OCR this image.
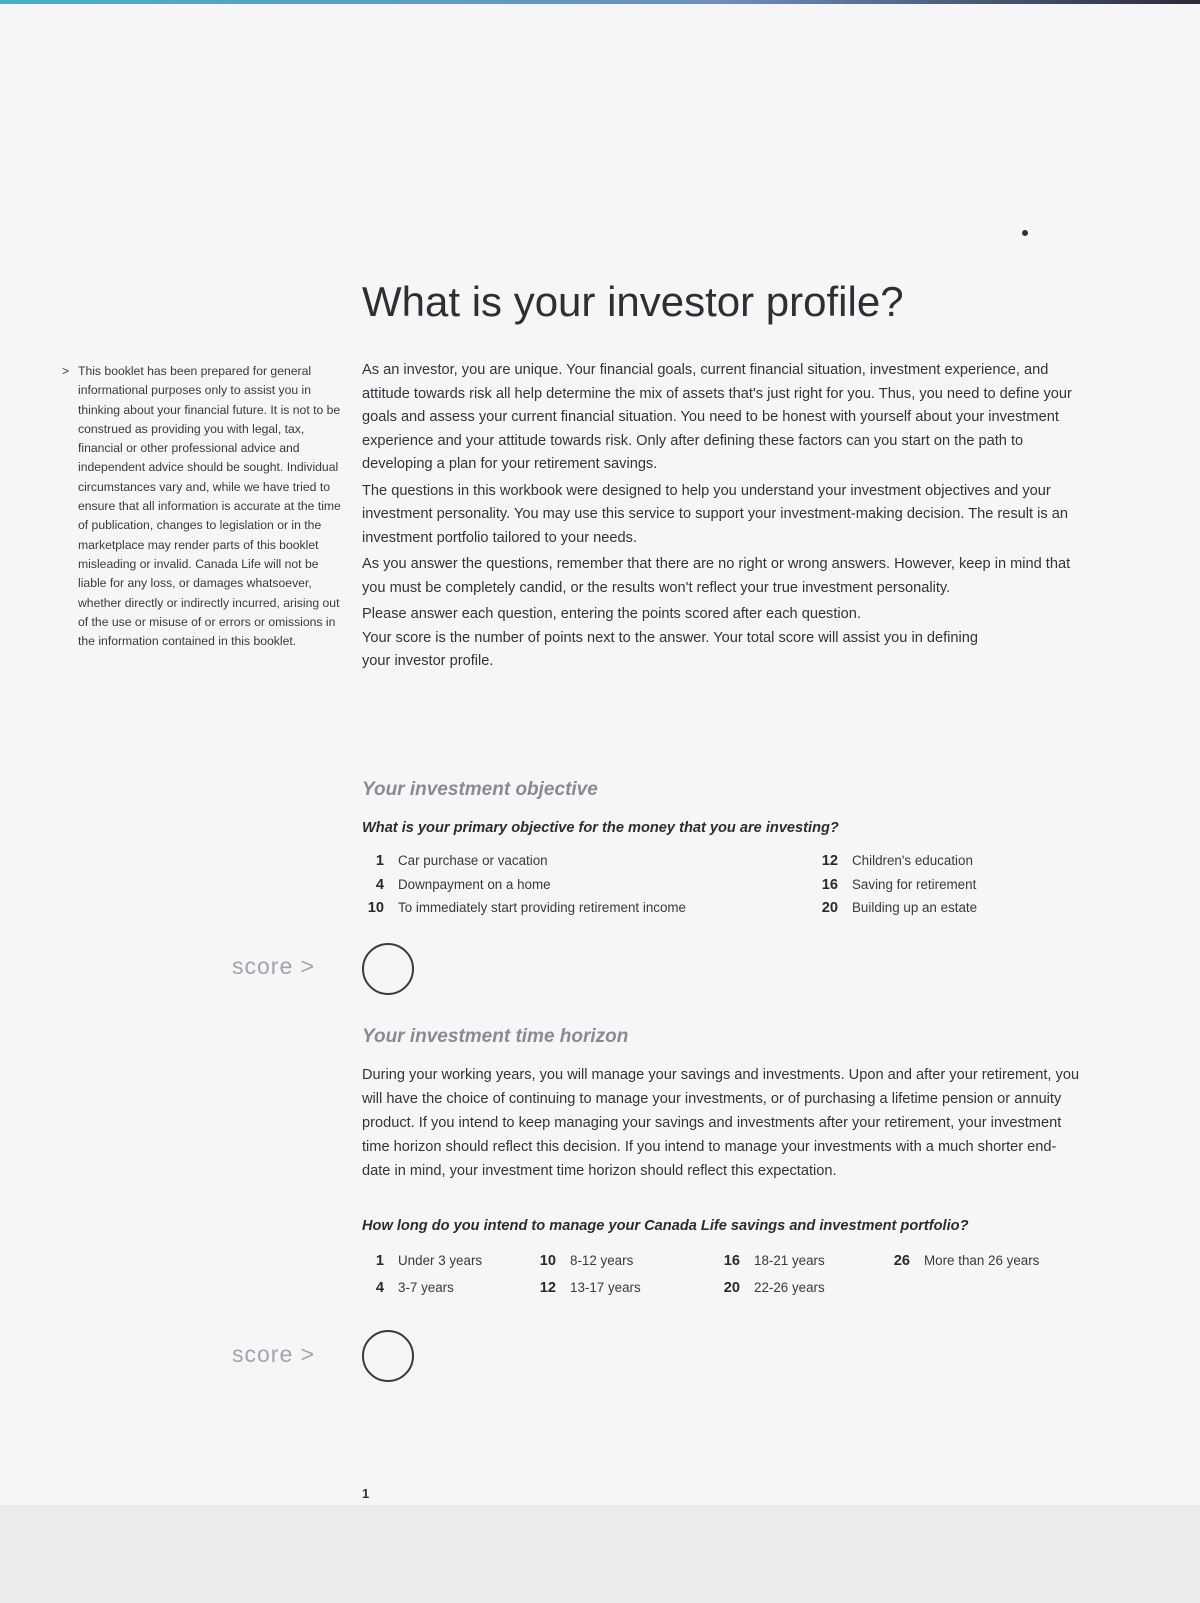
What is your investor profile?
> This booklet has been prepared for general informational purposes only to assist you in thinking about your financial future. It is not to be construed as providing you with legal, tax, financial or other professional advice and independent advice should be sought. Individual circumstances vary and, while we have tried to ensure that all information is accurate at the time of publication, changes to legislation or in the marketplace may render parts of this booklet misleading or invalid. Canada Life will not be liable for any loss, or damages whatsoever, whether directly or indirectly incurred, arising out of the use or misuse of or errors or omissions in the information contained in this booklet.

As an investor, you are unique. Your financial goals, current financial situation, investment experience, and attitude towards risk all help determine the mix of assets that's just right for you. Thus, you need to define your goals and assess your current financial situation. You need to be honest with yourself about your investment experience and your attitude towards risk. Only after defining these factors can you start on the path to developing a plan for your retirement savings.

The questions in this workbook were designed to help you understand your investment objectives and your investment personality. You may use this service to support your investment-making decision. The result is an investment portfolio tailored to your needs.

As you answer the questions, remember that there are no right or wrong answers. However, keep in mind that you must be completely candid, or the results won't reflect your true investment personality.

Please answer each question, entering the points scored after each question.

Your score is the number of points next to the answer. Your total score will assist you in defining your investor profile.

Your investment objective

What is your primary objective for the money that you are investing?

1 Car purchase or vacation
4 Downpayment on a home
10 To immediately start providing retirement income
12 Children's education
16 Saving for retirement
20 Building up an estate
score >
Your investment time horizon

During your working years, you will manage your savings and investments. Upon and after your retirement, you will have the choice of continuing to manage your investments, or of purchasing a lifetime pension or annuity product. If you intend to keep managing your savings and investments after your retirement, your investment time horizon should reflect this decision. If you intend to manage your investments with a much shorter end-date in mind, your investment time horizon should reflect this expectation.

How long do you intend to manage your Canada Life savings and investment portfolio?

1 Under 3 years
4 3-7 years
10 8-12 years
12 13-17 years
16 18-21 years
20 22-26 years
26 More than 26 years
score >
1
